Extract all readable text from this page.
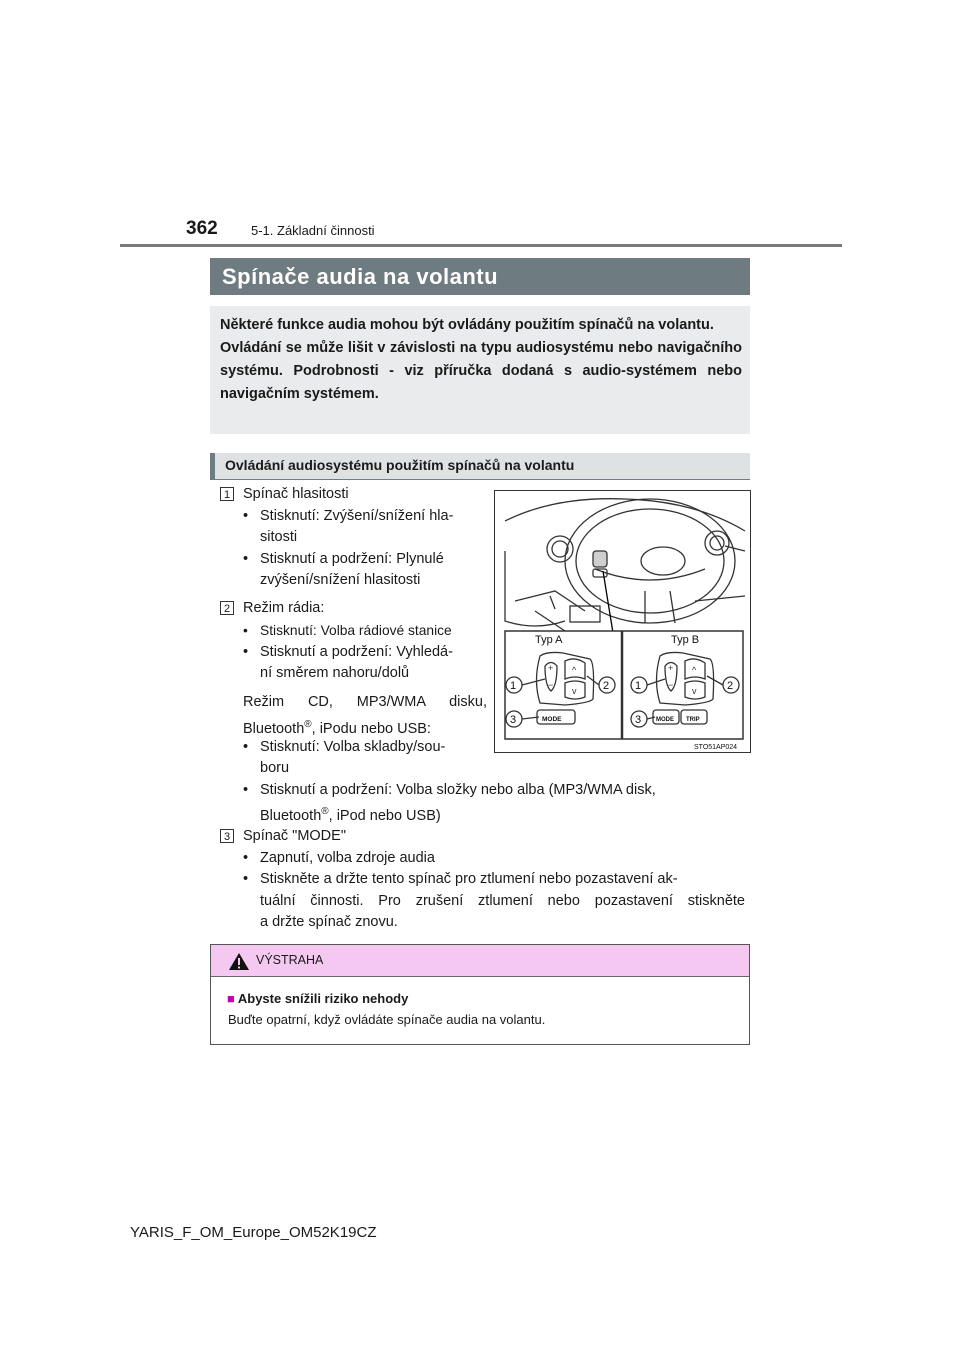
362	5-1. Základní činnosti
Spínače audia na volantu

Některé funkce audia mohou být ovládány použitím spínačů na volantu.

Ovládání se může lišit v závislosti na typu audiosystému nebo navigačního systému. Podrobnosti - viz příručka dodaná s audio-systémem nebo navigačním systémem.

Ovládání audiosystému použitím spínačů na volantu
1 Spínač hlasitosti
• Stisknutí: Zvýšení/snížení hla-
sitosti
• Stisknutí a podržení: Plynulé
zvýšení/snížení hlasitosti
2 Režim rádia:
• Stisknutí: Volba rádiové stanice
• Stisknutí a podržení: Vyhledá-
ní směrem nahoru/dolů
Režim CD, MP3/WMA disku,
Bluetooth®, iPodu nebo USB:
• Stisknutí: Volba skladby/sou-
boru
• Stisknutí a podržení: Volba složky nebo alba (MP3/WMA disk,
Bluetooth®, iPod nebo USB)
3 Spínač "MODE"
• Zapnutí, volba zdroje audia
• Stiskněte a držte tento spínač pro ztlumení nebo pozastavení ak-
tuální činnosti. Pro zrušení ztlumení nebo pozastavení stiskněte
a držte spínač znovu.
+
−
+
−
^	^
v	v
Typ A	Typ B
MODE	MODE TRIP
1	2
3
1	2
3
STO51AP024
VÝSTRAHA
■ Abyste snížili riziko nehody
Buďte opatrní, když ovládáte spínače audia na volantu.
YARIS_F_OM_Europe_OM52K19CZ
